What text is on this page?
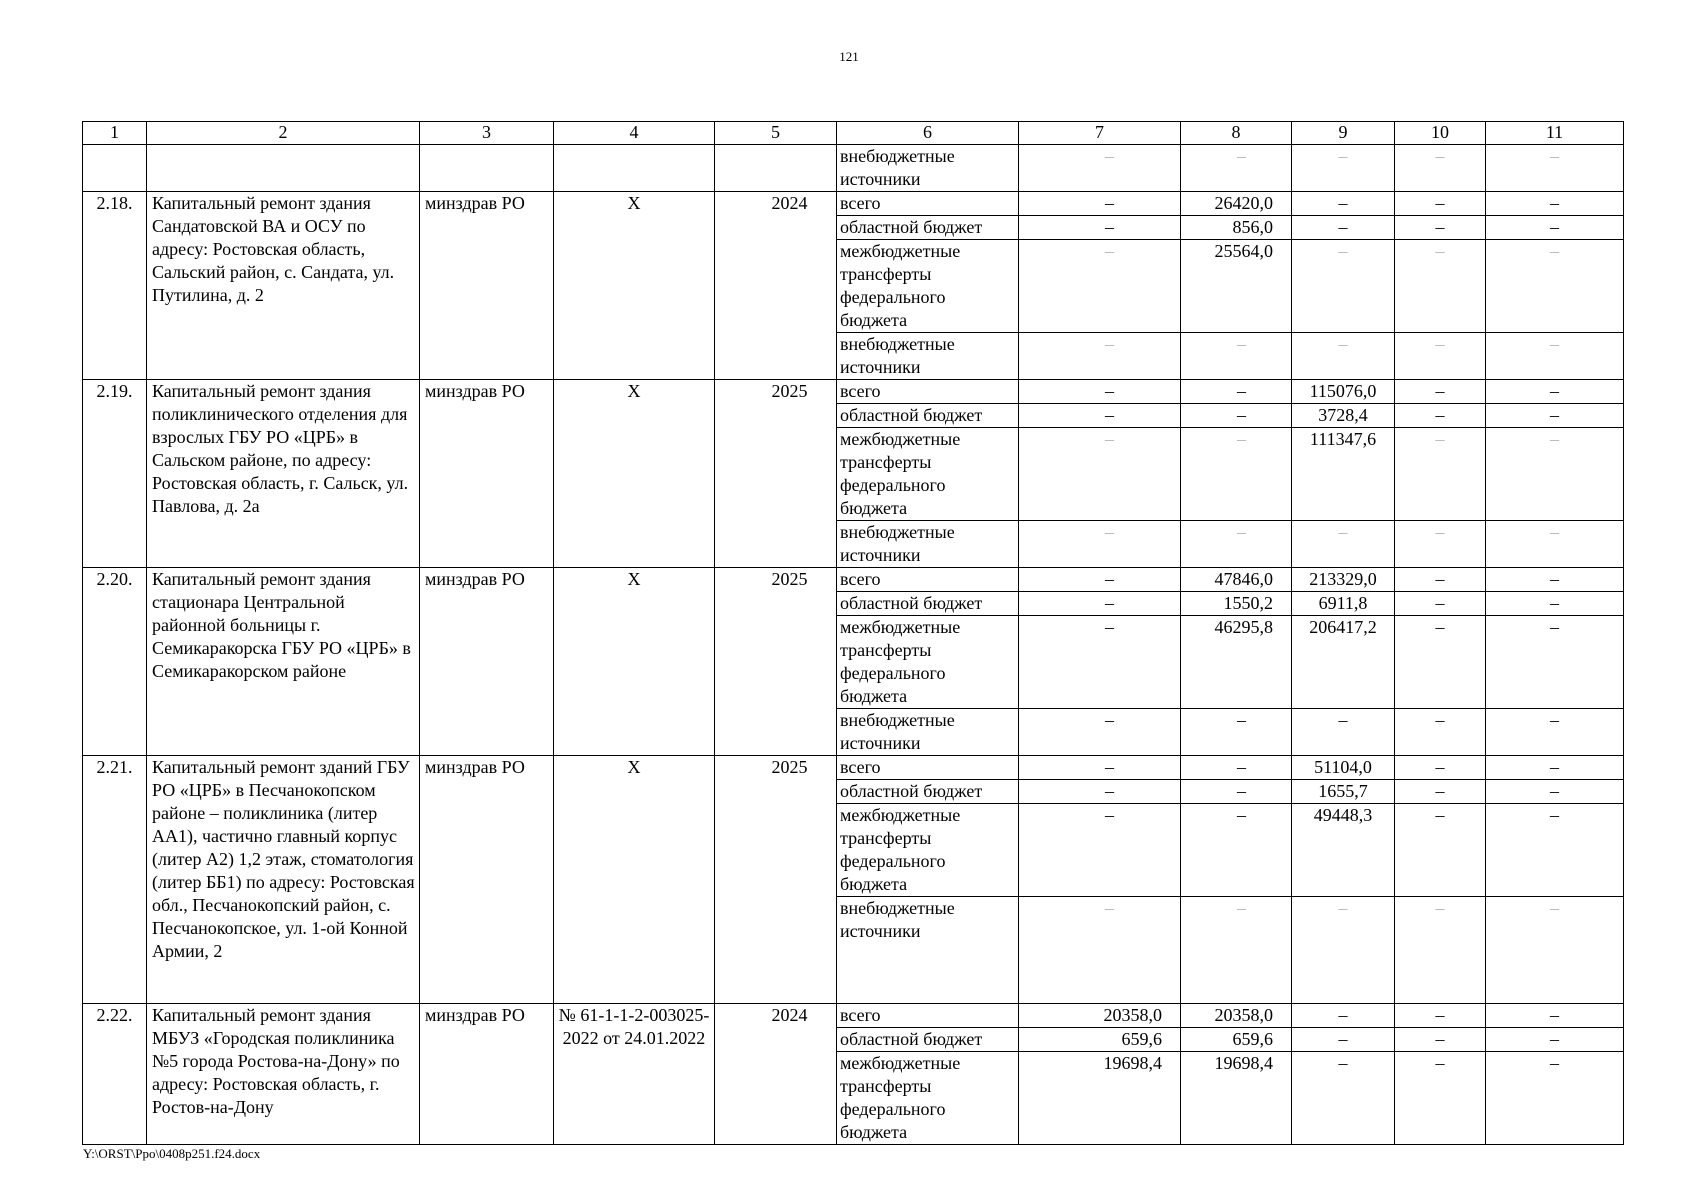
121
1	2	3	4	5	6	7	8	9	10	11
					внебюджетные источники	–	–	–	–	–
2.18.	Капитальный ремонт здания Сандатовской ВА и ОСУ по адресу: Ростовская область, Сальский район, с. Сандата, ул. Путилина, д. 2	минздрав РО	X	2024	всего	–	26420,0	–	–	–
					областной бюджет	–	856,0	–	–	–
					межбюджетные трансферты федерального бюджета	–	25564,0	–	–	–
					внебюджетные источники	–	–	–	–	–
2.19.	Капитальный ремонт здания поликлинического отделения для взрослых ГБУ РО «ЦРБ» в Сальском районе, по адресу: Ростовская область, г. Сальск, ул. Павлова, д. 2а	минздрав РО	X	2025	всего	–	–	115076,0	–	–
					областной бюджет	–	–	3728,4	–	–
					межбюджетные трансферты федерального бюджета	–	–	111347,6	–	–
					внебюджетные источники	–	–	–	–	–
2.20.	Капитальный ремонт здания стационара Центральной районной больницы г. Семикаракорска ГБУ РО «ЦРБ» в Семикаракорском районе	минздрав РО	X	2025	всего	–	47846,0	213329,0	–	–
					областной бюджет	–	1550,2	6911,8	–	–
					межбюджетные трансферты федерального бюджета	–	46295,8	206417,2	–	–
					внебюджетные источники	–	–	–	–	–
2.21.	Капитальный ремонт зданий ГБУ РО «ЦРБ» в Песчанокопском районе – поликлиника (литер АА1), частично главный корпус (литер А2) 1,2 этаж, стоматология (литер ББ1) по адресу: Ростовская обл., Песчанокопский район, с. Песчанокопское, ул. 1-ой Конной Армии, 2	минздрав РО	X	2025	всего	–	–	51104,0	–	–
					областной бюджет	–	–	1655,7	–	–
					межбюджетные трансферты федерального бюджета	–	–	49448,3	–	–
					внебюджетные источники	–	–	–	–	–
2.22.	Капитальный ремонт здания МБУЗ «Городская поликлиника №5 города Ростова-на-Дону» по адресу: Ростовская область, г. Ростов-на-Дону	минздрав РО	№ 61-1-1-2-003025-2022 от 24.01.2022	2024	всего	20358,0	20358,0	–	–	–
					областной бюджет	659,6	659,6	–	–	–
					межбюджетные трансферты федерального бюджета	19698,4	19698,4	–	–	–
Y:\ORST\Ppo\0408p251.f24.docx
